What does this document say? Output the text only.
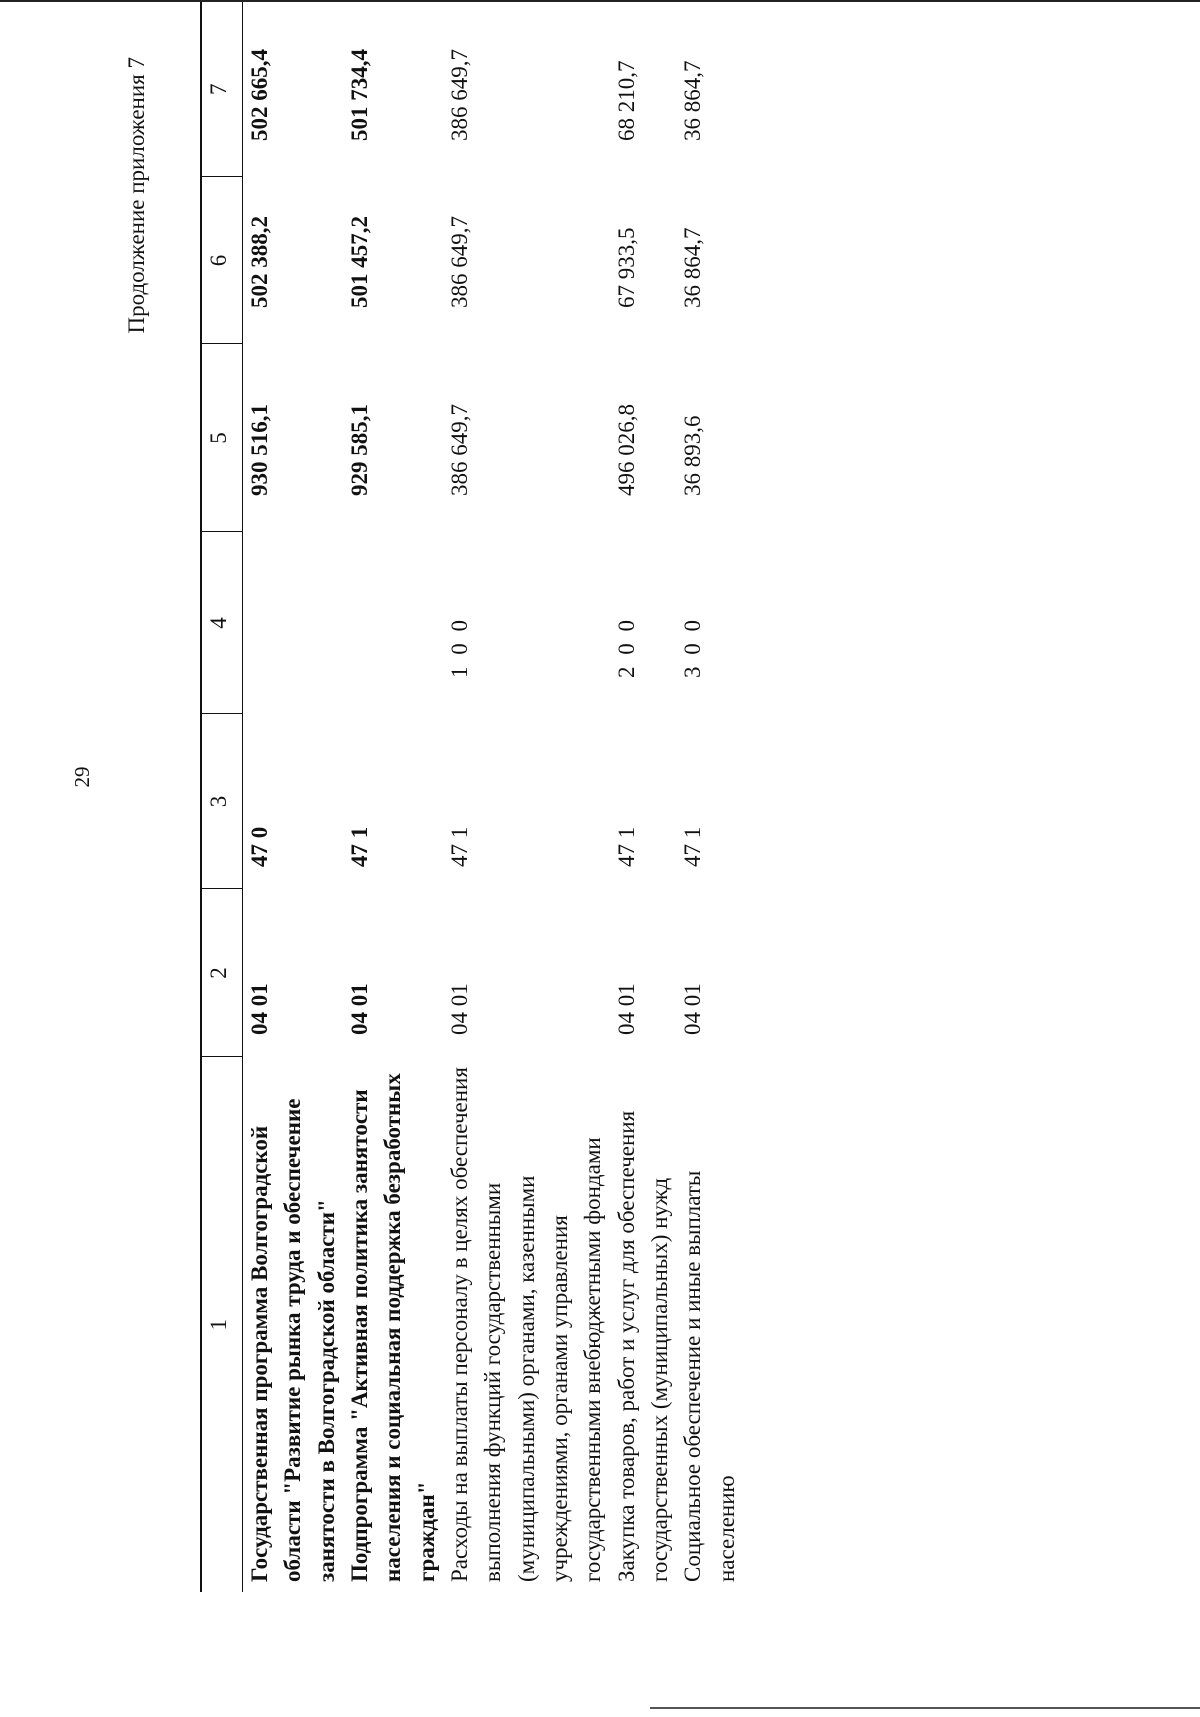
29
Продолжение приложения 7
1	2	3	4	5	6	7
Государственная программа Волгоградской области "Развитие рынка труда и обеспечение занятости в Волгоградской области"	04 01	47 0		930 516,1	502 388,2	502 665,4
Подпрограмма "Активная политика занятости населения и социальная поддержка безработных граждан"	04 01	47 1		929 585,1	501 457,2	501 734,4
Расходы на выплаты персоналу в целях обеспечения выполнения функций государственными (муниципальными) органами, казенными учреждениями, органами управления государственными внебюджетными фондами	04 01	47 1	1 0 0	386 649,7	386 649,7	386 649,7
Закупка товаров, работ и услуг для обеспечения государственных (муниципальных) нужд	04 01	47 1	2 0 0	496 026,8	67 933,5	68 210,7
Социальное обеспечение и иные выплаты населению	04 01	47 1	3 0 0	36 893,6	36 864,7	36 864,7
